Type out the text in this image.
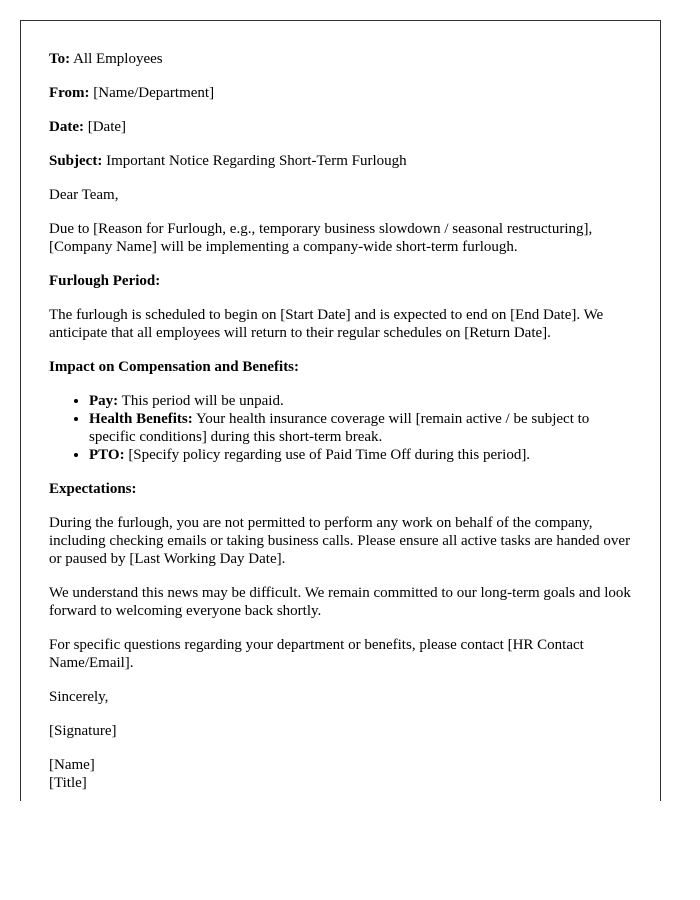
To: All Employees

From: [Name/Department]

Date: [Date]

Subject: Important Notice Regarding Short-Term Furlough

Dear Team,

Due to [Reason for Furlough, e.g., temporary business slowdown / seasonal restructuring], [Company Name] will be implementing a company-wide short-term furlough.

Furlough Period:

The furlough is scheduled to begin on [Start Date] and is expected to end on [End Date]. We anticipate that all employees will return to their regular schedules on [Return Date].

Impact on Compensation and Benefits:

• Pay: This period will be unpaid.
• Health Benefits: Your health insurance coverage will [remain active / be subject to specific conditions] during this short-term break.
• PTO: [Specify policy regarding use of Paid Time Off during this period].

Expectations:

During the furlough, you are not permitted to perform any work on behalf of the company, including checking emails or taking business calls. Please ensure all active tasks are handed over or paused by [Last Working Day Date].

We understand this news may be difficult. We remain committed to our long-term goals and look forward to welcoming everyone back shortly.

For specific questions regarding your department or benefits, please contact [HR Contact Name/Email].

Sincerely,

[Signature]

[Name]
[Title]
